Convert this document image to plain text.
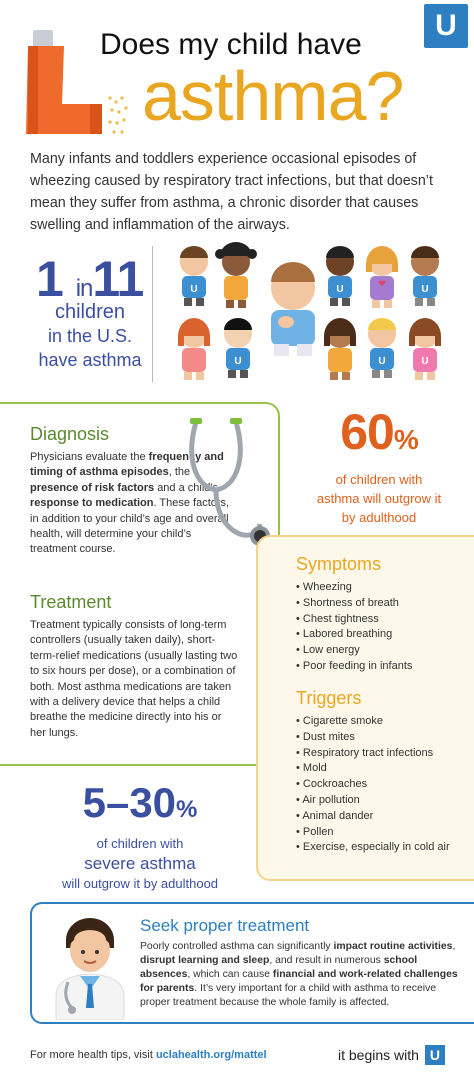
U
Does my child have
asthma?
Many infants and toddlers experience occasional episodes of wheezing caused by respiratory tract infections, but that doesn’t mean they suffer from asthma, a chronic disorder that causes swelling and inflammation of the airways.
1 in11
children
in the U.S.
have asthma
U	U	U
U	U	U
Diagnosis
Physicians evaluate the frequency and timing of asthma episodes, the presence of risk factors and a child’s response to medication. These factors, in addition to your child’s age and overall health, will determine your child’s treatment course.
Treatment
Treatment typically consists of long-term controllers (usually taken daily), short-term-relief medications (usually lasting two to six hours per dose), or a combination of both. Most asthma medications are taken with a delivery device that helps a child breathe the medicine directly into his or her lungs.
60%
of children with
asthma will outgrow it
by adulthood
Symptoms
• Wheezing
• Shortness of breath
• Chest tightness
• Labored breathing
• Low energy
• Poor feeding in infants
Triggers
• Cigarette smoke
• Dust mites
• Respiratory tract infections
• Mold
• Cockroaches
• Air pollution
• Animal dander
• Pollen
• Exercise, especially in cold air
5–30%
of children with
severe asthma
will outgrow it by adulthood
Seek proper treatment
Poorly controlled asthma can significantly impact routine activities, disrupt learning and sleep, and result in numerous school absences, which can cause financial and work-related challenges for parents. It’s very important for a child with asthma to receive proper treatment because the whole family is affected.
For more health tips, visit uclahealth.org/mattel	it begins with U
